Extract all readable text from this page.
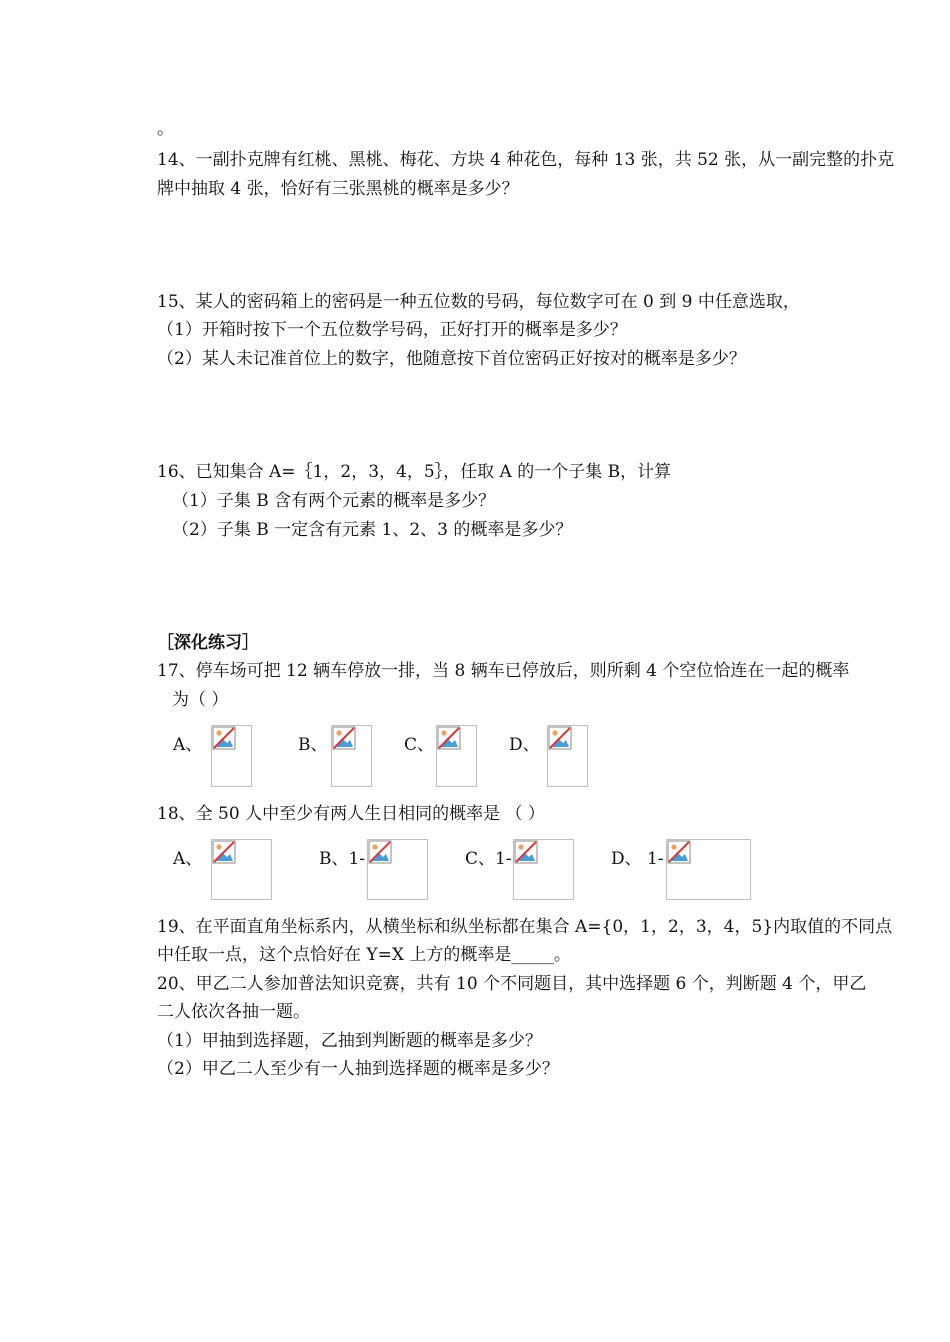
。
14、一副扑克牌有红桃、黑桃、梅花、方块 4 种花色，每种 13 张，共 52 张，从一副完整的扑克
牌中抽取 4 张，恰好有三张黑桃的概率是多少？
15、某人的密码箱上的密码是一种五位数的号码，每位数字可在 0 到 9 中任意选取，
（1）开箱时按下一个五位数学号码，正好打开的概率是多少？
（2）某人未记准首位上的数字，他随意按下首位密码正好按对的概率是多少？
16、已知集合 A=｛1，2，3，4，5｝，任取 A 的一个子集 B，计算
（1）子集 B 含有两个元素的概率是多少？
（2）子集 B 一定含有元素 1、2、3 的概率是多少？
［深化练习］
17、停车场可把 12 辆车停放一排，当 8 辆车已停放后，则所剩 4 个空位恰连在一起的概率
为（ ）
A、	B、	C、	D、
18、全 50 人中至少有两人生日相同的概率是 （ ）
A、	B、1-	C、1-	D、 1-
19、在平面直角坐标系内，从横坐标和纵坐标都在集合 A={0，1，2，3，4，5}内取值的不同点
中任取一点，这个点恰好在 Y=X 上方的概率是_____。
20、甲乙二人参加普法知识竞赛，共有 10 个不同题目，其中选择题 6 个，判断题 4 个，甲乙
二人依次各抽一题。
（1）甲抽到选择题，乙抽到判断题的概率是多少？
（2）甲乙二人至少有一人抽到选择题的概率是多少？
